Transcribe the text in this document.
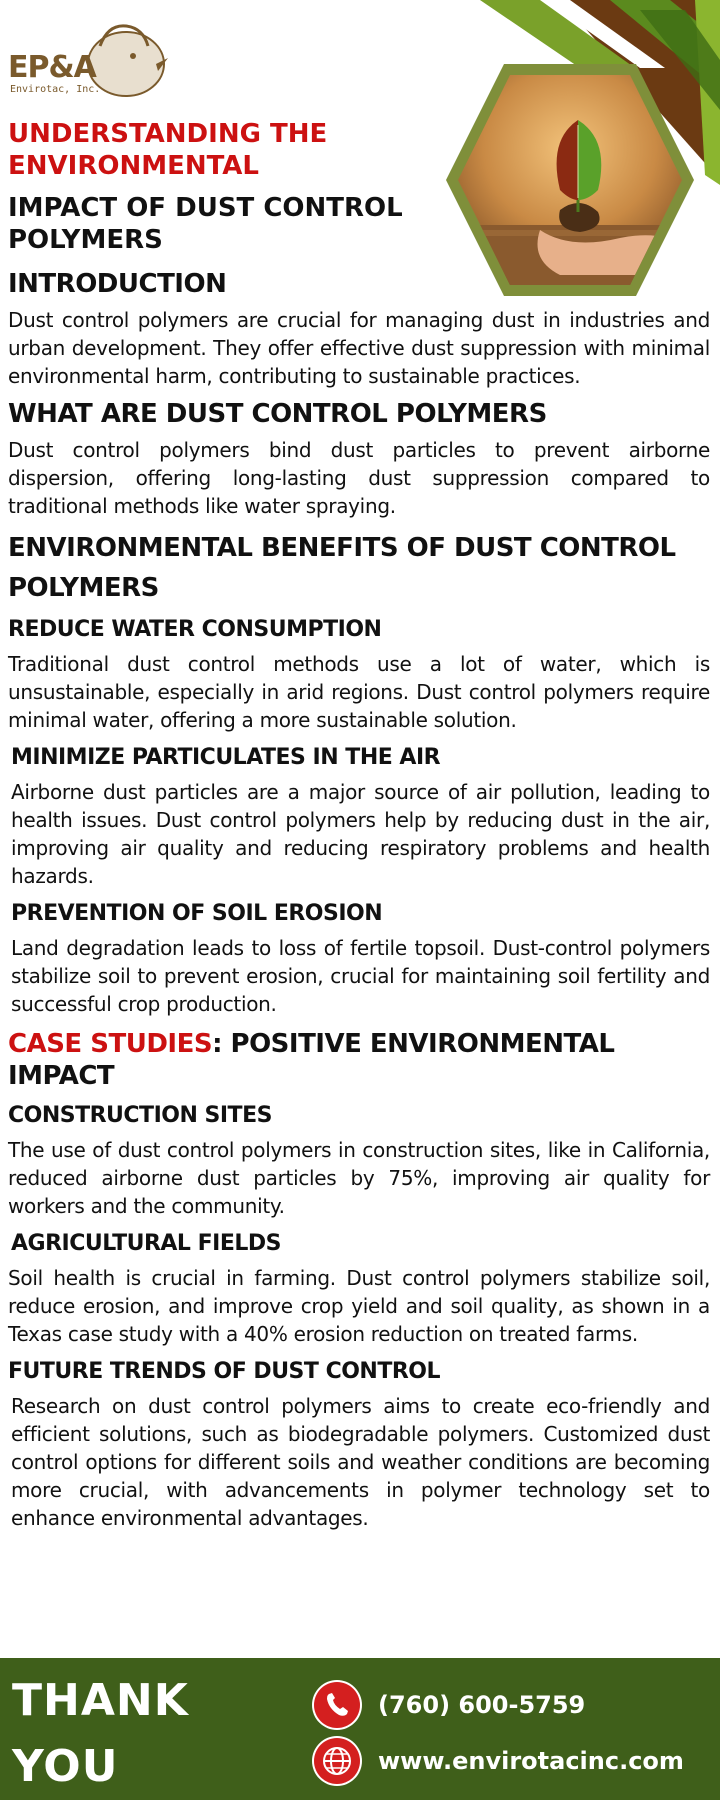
EP&A
Envirotac, Inc.
UNDERSTANDING THE ENVIRONMENTAL
IMPACT OF DUST CONTROL POLYMERS
INTRODUCTION

Dust control polymers are crucial for managing dust in industries and urban development. They offer effective dust suppression with minimal environmental harm, contributing to sustainable practices.

WHAT ARE DUST CONTROL POLYMERS

Dust control polymers bind dust particles to prevent airborne dispersion, offering long-lasting dust suppression compared to traditional methods like water spraying.

ENVIRONMENTAL BENEFITS OF DUST CONTROL POLYMERS
REDUCE WATER CONSUMPTION

Traditional dust control methods use a lot of water, which is unsustainable, especially in arid regions. Dust control polymers require minimal water, offering a more sustainable solution.

MINIMIZE PARTICULATES IN THE AIR

Airborne dust particles are a major source of air pollution, leading to health issues. Dust control polymers help by reducing dust in the air, improving air quality and reducing respiratory problems and health hazards.

PREVENTION OF SOIL EROSION

Land degradation leads to loss of fertile topsoil. Dust-control polymers stabilize soil to prevent erosion, crucial for maintaining soil fertility and successful crop production.

CASE STUDIES: POSITIVE ENVIRONMENTAL IMPACT
CONSTRUCTION SITES

The use of dust control polymers in construction sites, like in California, reduced airborne dust particles by 75%, improving air quality for workers and the community.

AGRICULTURAL FIELDS

Soil health is crucial in farming. Dust control polymers stabilize soil, reduce erosion, and improve crop yield and soil quality, as shown in a Texas case study with a 40% erosion reduction on treated farms.

FUTURE TRENDS OF DUST CONTROL

Research on dust control polymers aims to create eco-friendly and efficient solutions, such as biodegradable polymers. Customized dust control options for different soils and weather conditions are becoming more crucial, with advancements in polymer technology set to enhance environmental advantages.

THANK
YOU
(760) 600-5759
www.envirotacinc.com
